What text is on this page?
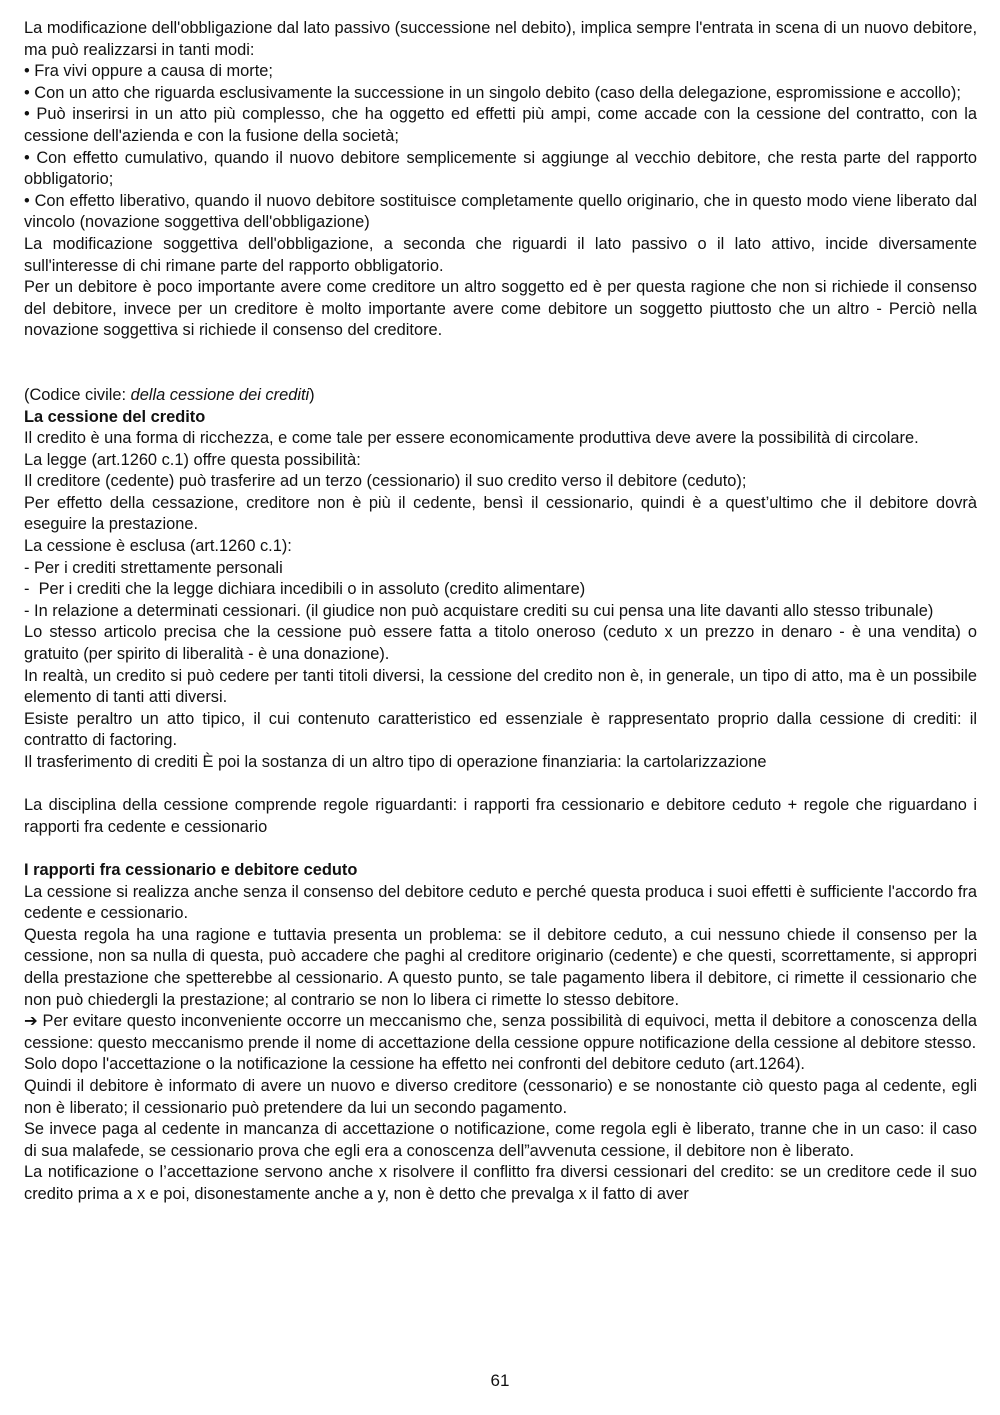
La modificazione dell'obbligazione dal lato passivo (successione nel debito), implica sempre l'entrata in scena di un nuovo debitore, ma può realizzarsi in tanti modi:

• Fra vivi oppure a causa di morte;

• Con un atto che riguarda esclusivamente la successione in un singolo debito (caso della delegazione, espromissione e accollo);

• Può inserirsi in un atto più complesso, che ha oggetto ed effetti più ampi, come accade con la cessione del contratto, con la cessione dell'azienda e con la fusione della società;

• Con effetto cumulativo, quando il nuovo debitore semplicemente si aggiunge al vecchio debitore, che resta parte del rapporto obbligatorio;

• Con effetto liberativo, quando il nuovo debitore sostituisce completamente quello originario, che in questo modo viene liberato dal vincolo (novazione soggettiva dell'obbligazione)

La modificazione soggettiva dell'obbligazione, a seconda che riguardi il lato passivo o il lato attivo, incide diversamente sull'interesse di chi rimane parte del rapporto obbligatorio.

Per un debitore è poco importante avere come creditore un altro soggetto ed è per questa ragione che non si richiede il consenso del debitore, invece per un creditore è molto importante avere come debitore un soggetto piuttosto che un altro - Perciò nella novazione soggettiva si richiede il consenso del creditore.

(Codice civile: della cessione dei crediti)

La cessione del credito

Il credito è una forma di ricchezza, e come tale per essere economicamente produttiva deve avere la possibilità di circolare.

La legge (art.1260 c.1) offre questa possibilità:

Il creditore (cedente) può trasferire ad un terzo (cessionario) il suo credito verso il debitore (ceduto);

Per effetto della cessazione, creditore non è più il cedente, bensì il cessionario, quindi è a quest’ultimo che il debitore dovrà eseguire la prestazione.

La cessione è esclusa (art.1260 c.1):

- Per i crediti strettamente personali

-  Per i crediti che la legge dichiara incedibili o in assoluto (credito alimentare)

- In relazione a determinati cessionari. (il giudice non può acquistare crediti su cui pensa una lite davanti allo stesso tribunale)

Lo stesso articolo precisa che la cessione può essere fatta a titolo oneroso (ceduto x un prezzo in denaro - è una vendita) o gratuito (per spirito di liberalità - è una donazione).

In realtà, un credito si può cedere per tanti titoli diversi, la cessione del credito non è, in generale, un tipo di atto, ma è un possibile elemento di tanti atti diversi.

Esiste peraltro un atto tipico, il cui contenuto caratteristico ed essenziale è rappresentato proprio dalla cessione di crediti: il contratto di factoring.

Il trasferimento di crediti È poi la sostanza di un altro tipo di operazione finanziaria: la cartolarizzazione

La disciplina della cessione comprende regole riguardanti: i rapporti fra cessionario e debitore ceduto + regole che riguardano i rapporti fra cedente e cessionario

I rapporti fra cessionario e debitore ceduto

La cessione si realizza anche senza il consenso del debitore ceduto e perché questa produca i suoi effetti è sufficiente l'accordo fra cedente e cessionario.

Questa regola ha una ragione e tuttavia presenta un problema: se il debitore ceduto, a cui nessuno chiede il consenso per la cessione, non sa nulla di questa, può accadere che paghi al creditore originario (cedente) e che questi, scorrettamente, si appropri della prestazione che spetterebbe al cessionario. A questo punto, se tale pagamento libera il debitore, ci rimette il cessionario che non può chiedergli la prestazione; al contrario se non lo libera ci rimette lo stesso debitore.

➔ Per evitare questo inconveniente occorre un meccanismo che, senza possibilità di equivoci, metta il debitore a conoscenza della cessione: questo meccanismo prende il nome di accettazione della cessione oppure notificazione della cessione al debitore stesso.

Solo dopo l'accettazione o la notificazione la cessione ha effetto nei confronti del debitore ceduto (art.1264).

Quindi il debitore è informato di avere un nuovo e diverso creditore (cessonario) e se nonostante ciò questo paga al cedente, egli non è liberato; il cessionario può pretendere da lui un secondo pagamento.

Se invece paga al cedente in mancanza di accettazione o notificazione, come regola egli è liberato, tranne che in un caso: il caso di sua malafede, se cessionario prova che egli era a conoscenza dell”avvenuta cessione, il debitore non è liberato.

La notificazione o l’accettazione servono anche x risolvere il conflitto fra diversi cessionari del credito: se un creditore cede il suo credito prima a x e poi, disonestamente anche a y, non è detto che prevalga x il fatto di aver

61
